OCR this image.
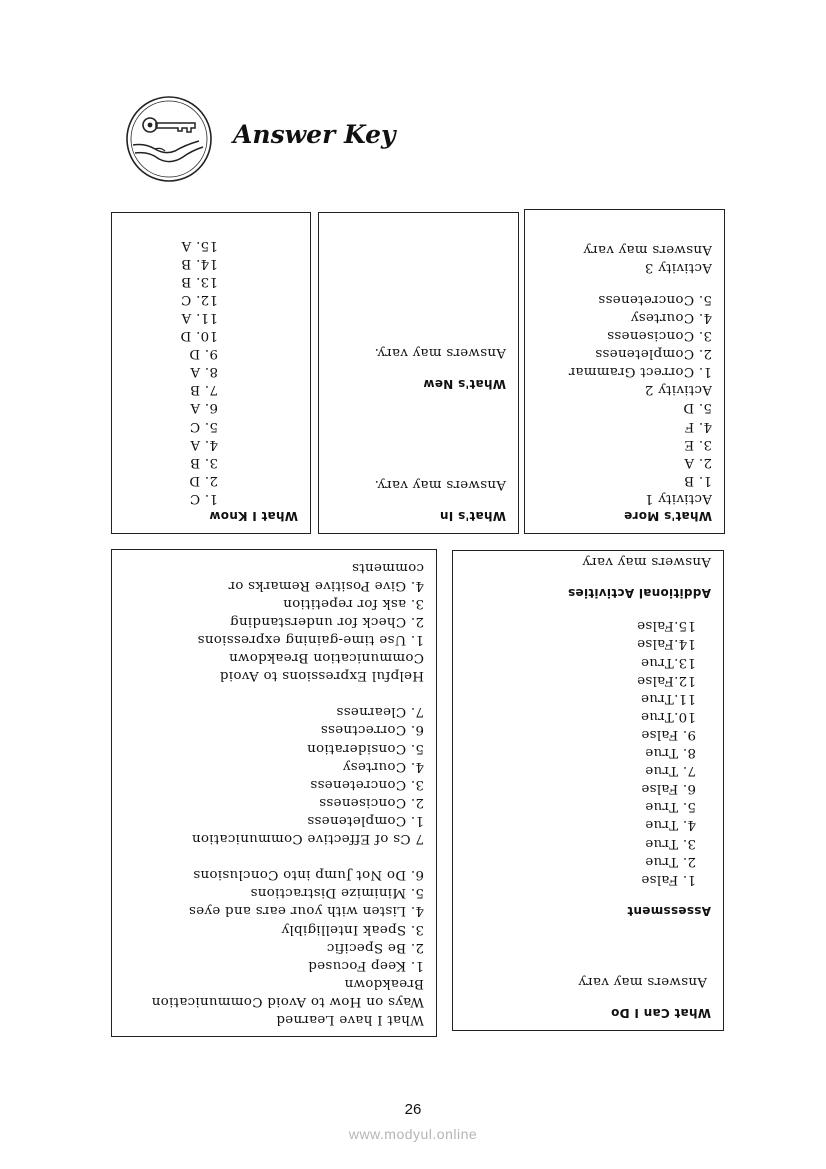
Answer Key
What I Know
1. C
2. D
3. B
4. A
5. C
6. A
7. B
8. A
9. D
10. D
11. A
12. C
13. B
14. B
15. A
What's In
Answers may vary.
What's New
Answers may vary.
What's More
Activity 1
1. B
2. A
3. E
4. F
5. D
Activity 2
1. Correct Grammar
2. Completeness
3. Conciseness
4. Courtesy
5. Concreteness
Activity 3
Answers may vary
What I have Learned
Ways on How to Avoid Communication
Breakdown
1. Keep Focused
2. Be Specific
3. Speak Intelligibly
4. Listen with your ears and eyes
5. Minimize Distractions
6. Do Not Jump into Conclusions
7 Cs of Effective Communication
1. Completeness
2. Conciseness
3. Concreteness
4. Courtesy
5. Consideration
6. Correctness
7. Clearness
Helpful Expressions to Avoid
Communication Breakdown
1. Use time-gaining expressions
2. Check for understanding
3. ask for repetition
4. Give Positive Remarks or
comments
What Can I Do
Answers may vary
Assessment
1. False
2. True
3. True
4. True
5. True
6. False
7. True
8. True
9. False
10.True
11.True
12.False
13.True
14.False
15.False
Additional Activities
Answers may vary
26
www.modyul.online
